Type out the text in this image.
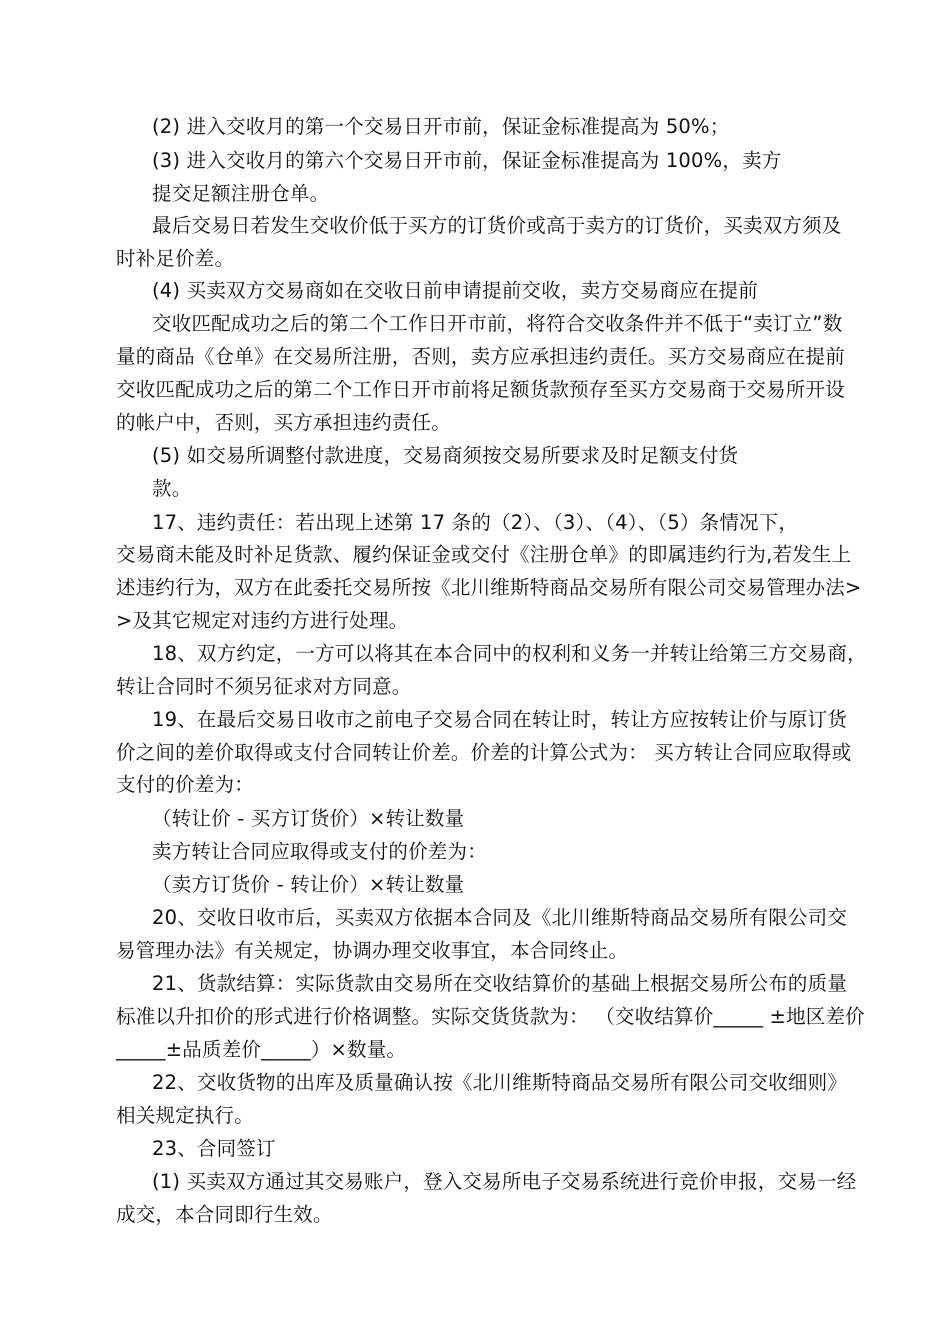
(2) 进入交收月的第一个交易日开市前，保证金标准提高为 50%；
(3) 进入交收月的第六个交易日开市前，保证金标准提高为 100%，卖方
提交足额注册仓单。
最后交易日若发生交收价低于买方的订货价或高于卖方的订货价，买卖双方须及
时补足价差。
(4) 买卖双方交易商如在交收日前申请提前交收，卖方交易商应在提前
交收匹配成功之后的第二个工作日开市前，将符合交收条件并不低于“卖订立”数
量的商品《仓单》在交易所注册，否则，卖方应承担违约责任。买方交易商应在提前
交收匹配成功之后的第二个工作日开市前将足额货款预存至买方交易商于交易所开设
的帐户中，否则，买方承担违约责任。
(5) 如交易所调整付款进度，交易商须按交易所要求及时足额支付货
款。
17、违约责任：若出现上述第 17 条的（2）、（3）、（4）、（5）条情况下，
交易商未能及时补足货款、履约保证金或交付《注册仓单》的即属违约行为,若发生上
述违约行为，双方在此委托交易所按《北川维斯特商品交易所有限公司交易管理办法>
>及其它规定对违约方进行处理。
18、双方约定，一方可以将其在本合同中的权利和义务一并转让给第三方交易商，
转让合同时不须另征求对方同意。
19、在最后交易日收市之前电子交易合同在转让时，转让方应按转让价与原订货
价之间的差价取得或支付合同转让价差。价差的计算公式为： 买方转让合同应取得或
支付的价差为：
（转让价 - 买方订货价）×转让数量
卖方转让合同应取得或支付的价差为：
（卖方订货价 - 转让价）×转让数量
20、交收日收市后，买卖双方依据本合同及《北川维斯特商品交易所有限公司交
易管理办法》有关规定，协调办理交收事宜，本合同终止。
21、货款结算：实际货款由交易所在交收结算价的基础上根据交易所公布的质量
标准以升扣价的形式进行价格调整。实际交货货款为： （交收结算价_____ ±地区差价
_____±品质差价_____）×数量。
22、交收货物的出库及质量确认按《北川维斯特商品交易所有限公司交收细则》
相关规定执行。
23、合同签订
(1) 买卖双方通过其交易账户，登入交易所电子交易系统进行竞价申报，交易一经
成交，本合同即行生效。
